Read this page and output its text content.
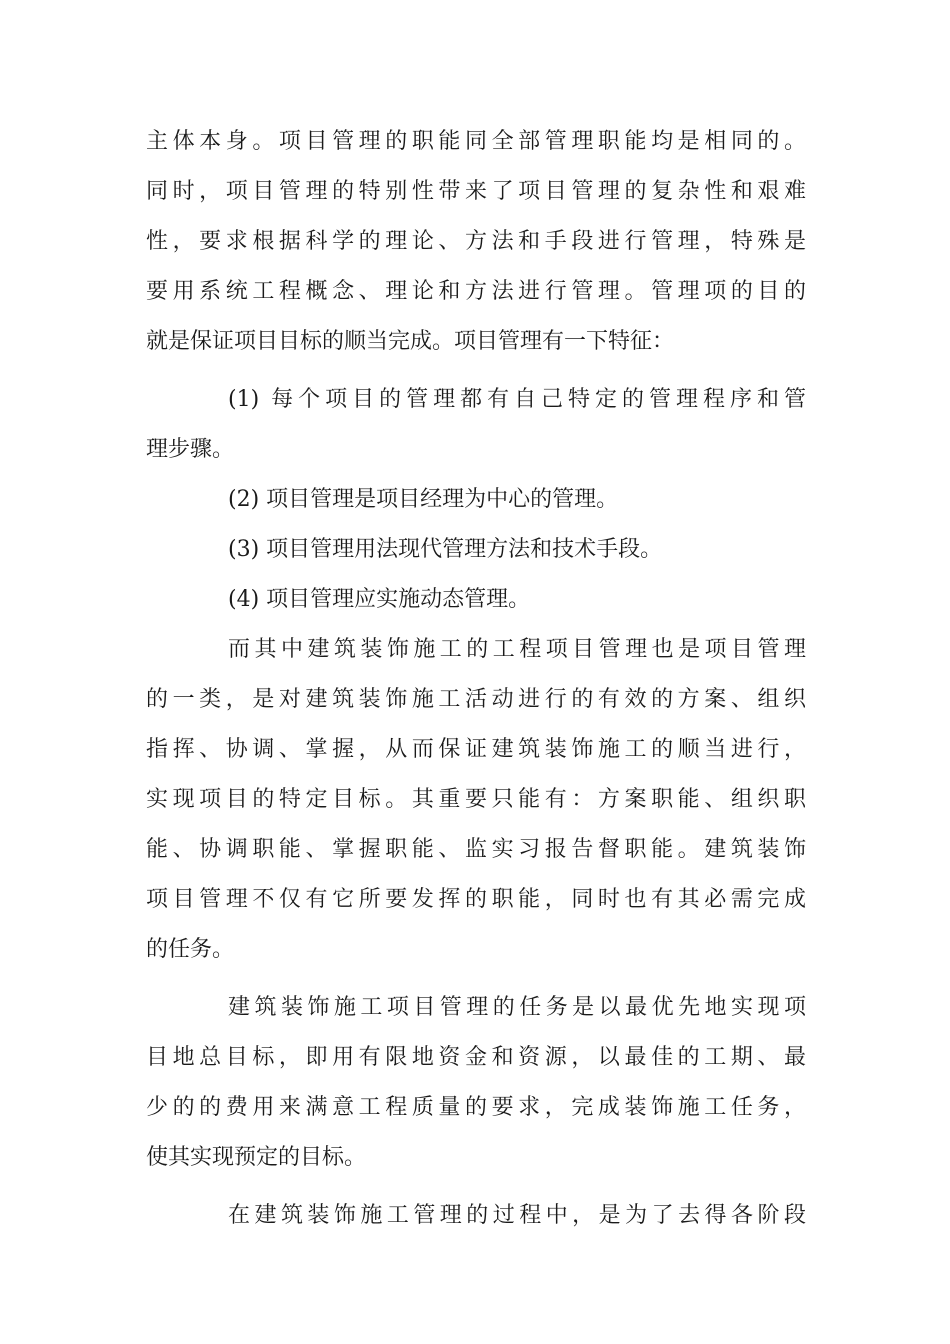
主体本身。项目管理的职能同全部管理职能均是相同的。
同时，项目管理的特别性带来了项目管理的复杂性和艰难
性，要求根据科学的理论、方法和手段进行管理，特殊是
要用系统工程概念、理论和方法进行管理。管理项的目的
就是保证项目目标的顺当完成。项目管理有一下特征：
(1) 每个项目的管理都有自己特定的管理程序和管
理步骤。
(2) 项目管理是项目经理为中心的管理。
(3) 项目管理用法现代管理方法和技术手段。
(4) 项目管理应实施动态管理。
而其中建筑装饰施工的工程项目管理也是项目管理
的一类，是对建筑装饰施工活动进行的有效的方案、组织
指挥、协调、掌握，从而保证建筑装饰施工的顺当进行，
实现项目的特定目标。其重要只能有：方案职能、组织职
能、协调职能、掌握职能、监实习报告督职能。建筑装饰
项目管理不仅有它所要发挥的职能，同时也有其必需完成
的任务。
建筑装饰施工项目管理的任务是以最优先地实现项
目地总目标，即用有限地资金和资源，以最佳的工期、最
少的的费用来满意工程质量的要求，完成装饰施工任务，
使其实现预定的目标。
在建筑装饰施工管理的过程中，是为了去得各阶段
